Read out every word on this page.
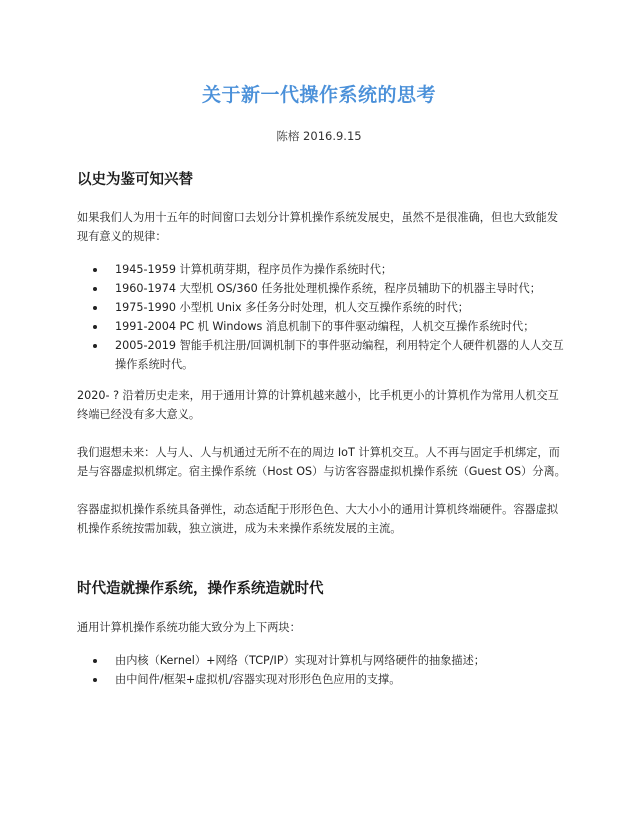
关于新一代操作系统的思考
陈榕 2016.9.15
以史为鉴可知兴替
如果我们人为用十五年的时间窗口去划分计算机操作系统发展史，虽然不是很准确，但也大致能发现有意义的规律：
1945-1959 计算机萌芽期，程序员作为操作系统时代；
1960-1974 大型机 OS/360 任务批处理机操作系统，程序员辅助下的机器主导时代；
1975-1990 小型机 Unix 多任务分时处理，机人交互操作系统的时代；
1991-2004 PC 机 Windows 消息机制下的事件驱动编程，人机交互操作系统时代；
2005-2019 智能手机注册/回调机制下的事件驱动编程，利用特定个人硬件机器的人人交互操作系统时代。
2020- ? 沿着历史走来，用于通用计算的计算机越来越小，比手机更小的计算机作为常用人机交互终端已经没有多大意义。
我们遐想未来：人与人、人与机通过无所不在的周边 IoT 计算机交互。人不再与固定手机绑定，而是与容器虚拟机绑定。宿主操作系统（Host OS）与访客容器虚拟机操作系统（Guest OS）分离。
容器虚拟机操作系统具备弹性，动态适配于形形色色、大大小小的通用计算机终端硬件。容器虚拟机操作系统按需加载，独立演进，成为未来操作系统发展的主流。
时代造就操作系统，操作系统造就时代
通用计算机操作系统功能大致分为上下两块：
由内核（Kernel）+网络（TCP/IP）实现对计算机与网络硬件的抽象描述；
由中间件/框架+虚拟机/容器实现对形形色色应用的支撑。
